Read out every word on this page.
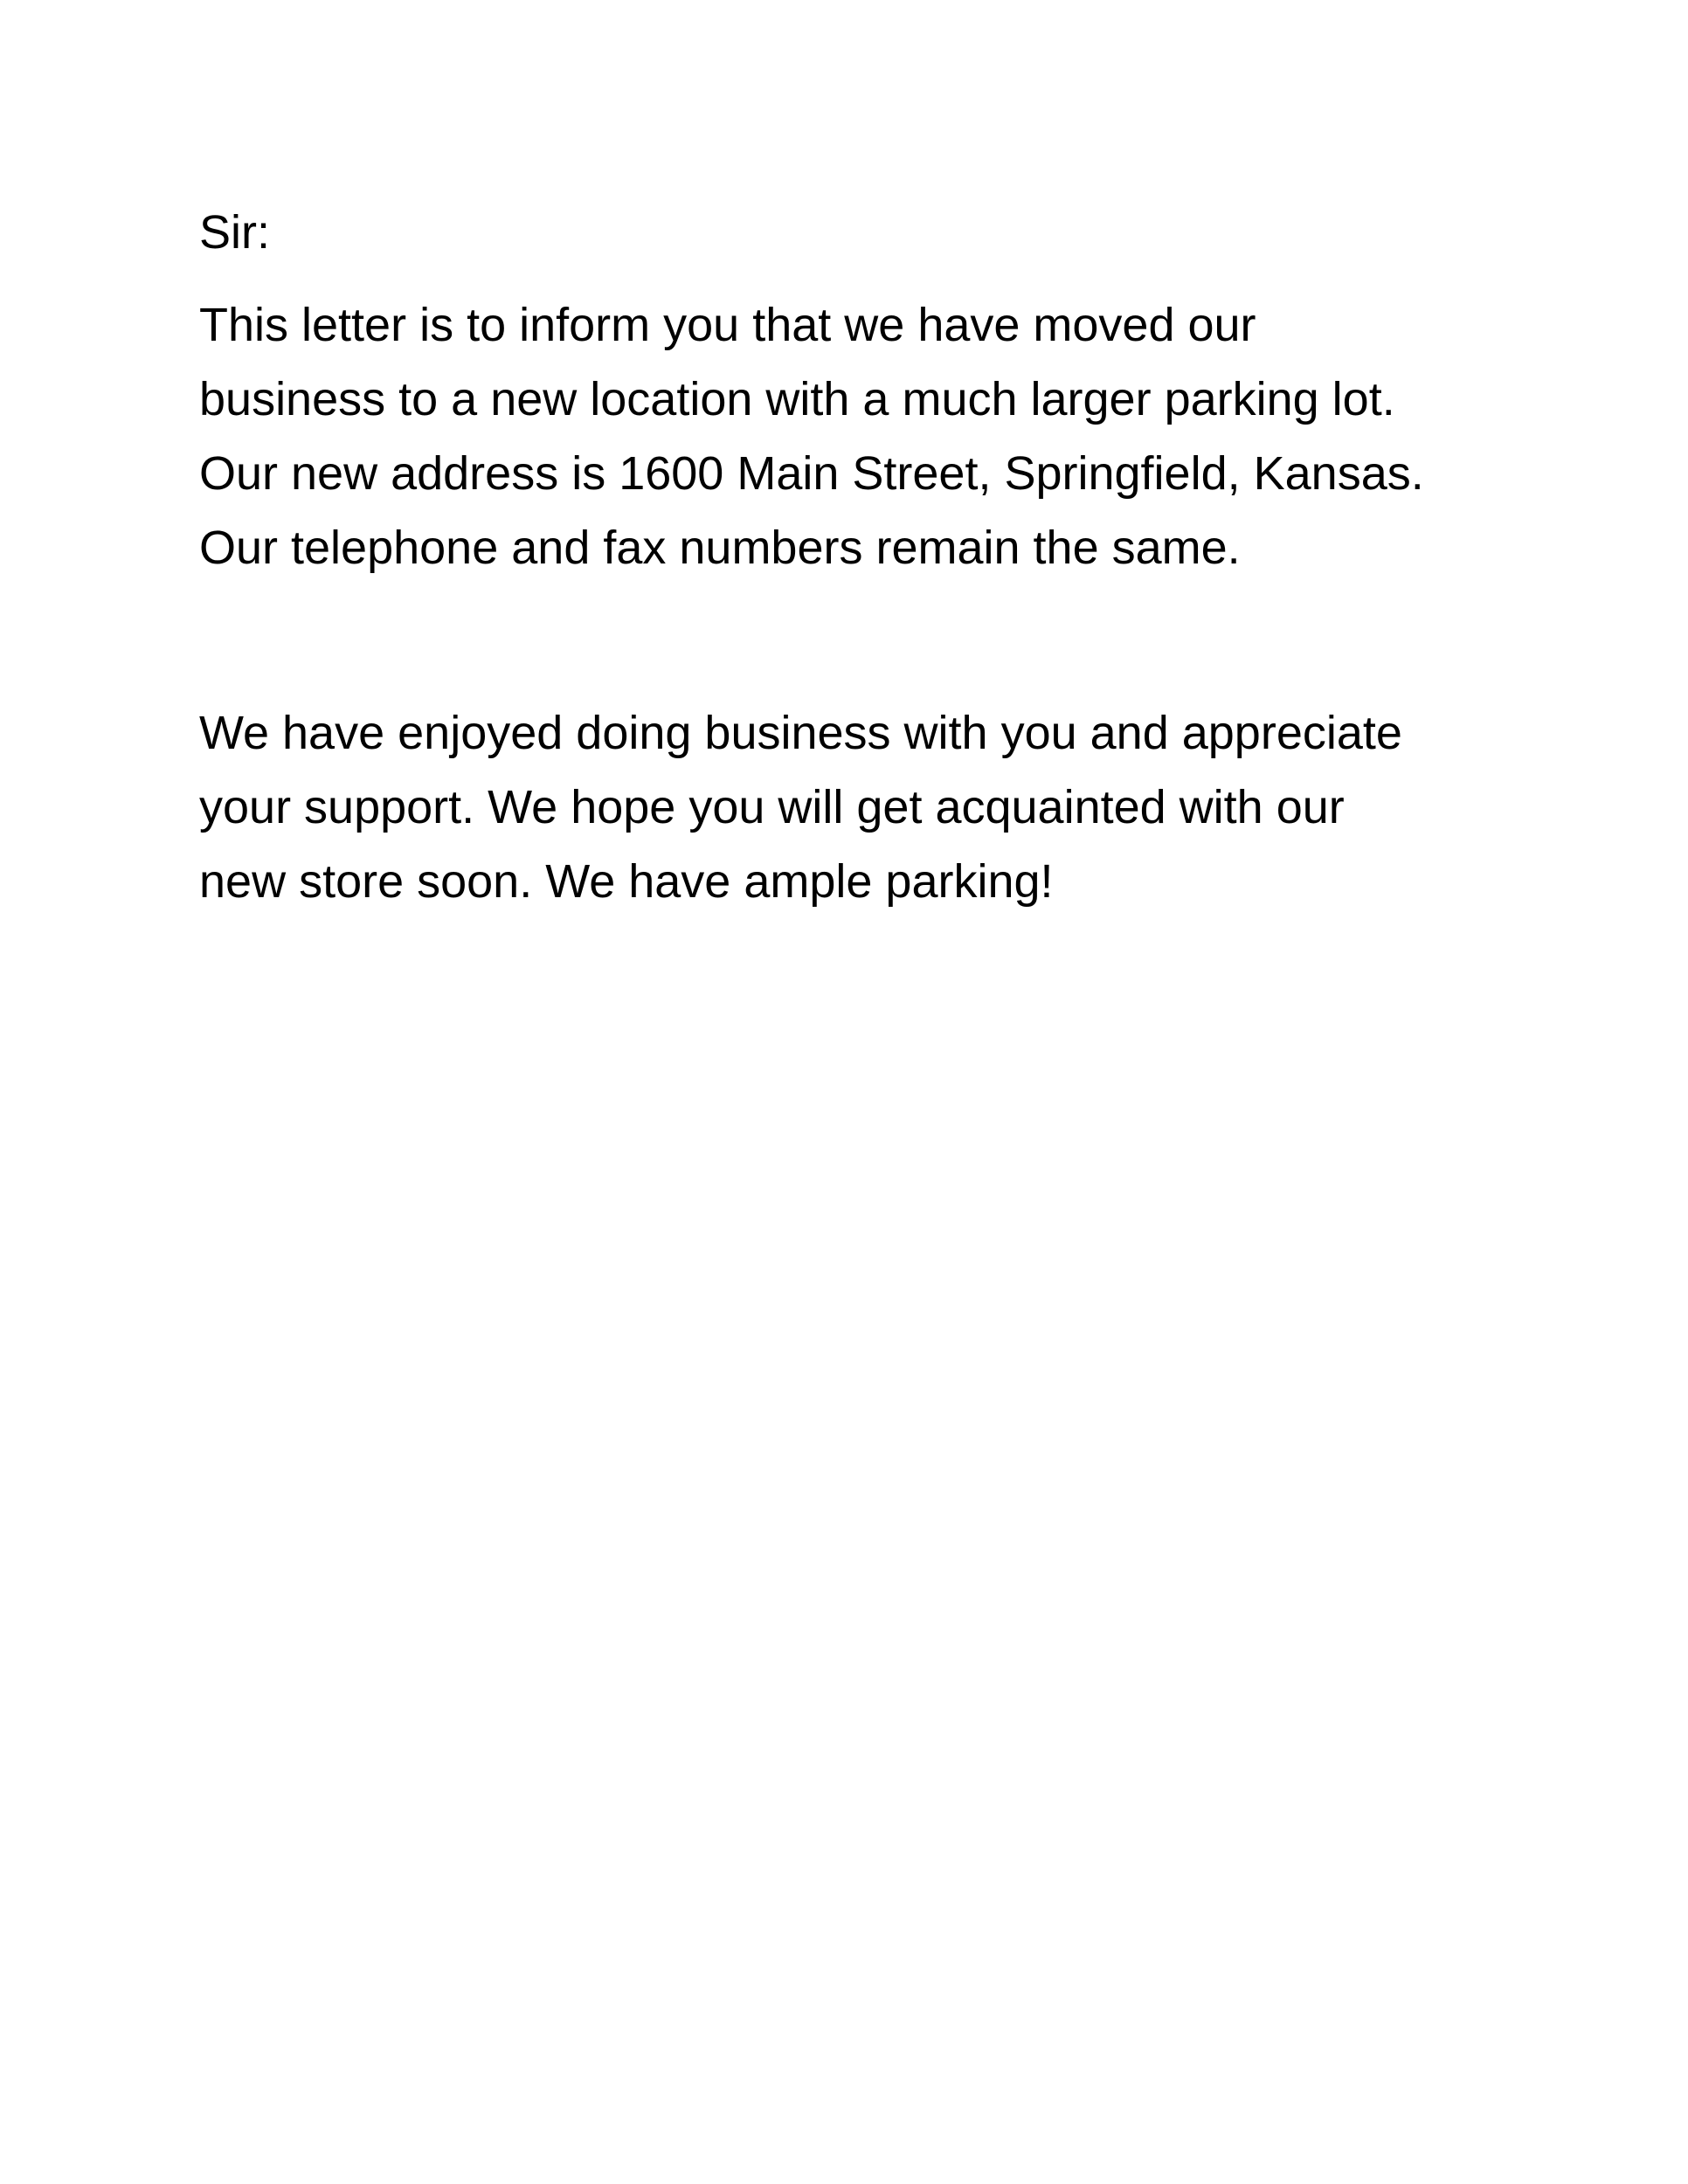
Sir:

This letter is to inform you that we have moved our
business to a new location with a much larger parking lot.
Our new address is 1600 Main Street, Springfield, Kansas.
Our telephone and fax numbers remain the same.
We have enjoyed doing business with you and appreciate
your support. We hope you will get acquainted with our
new store soon. We have ample parking!
